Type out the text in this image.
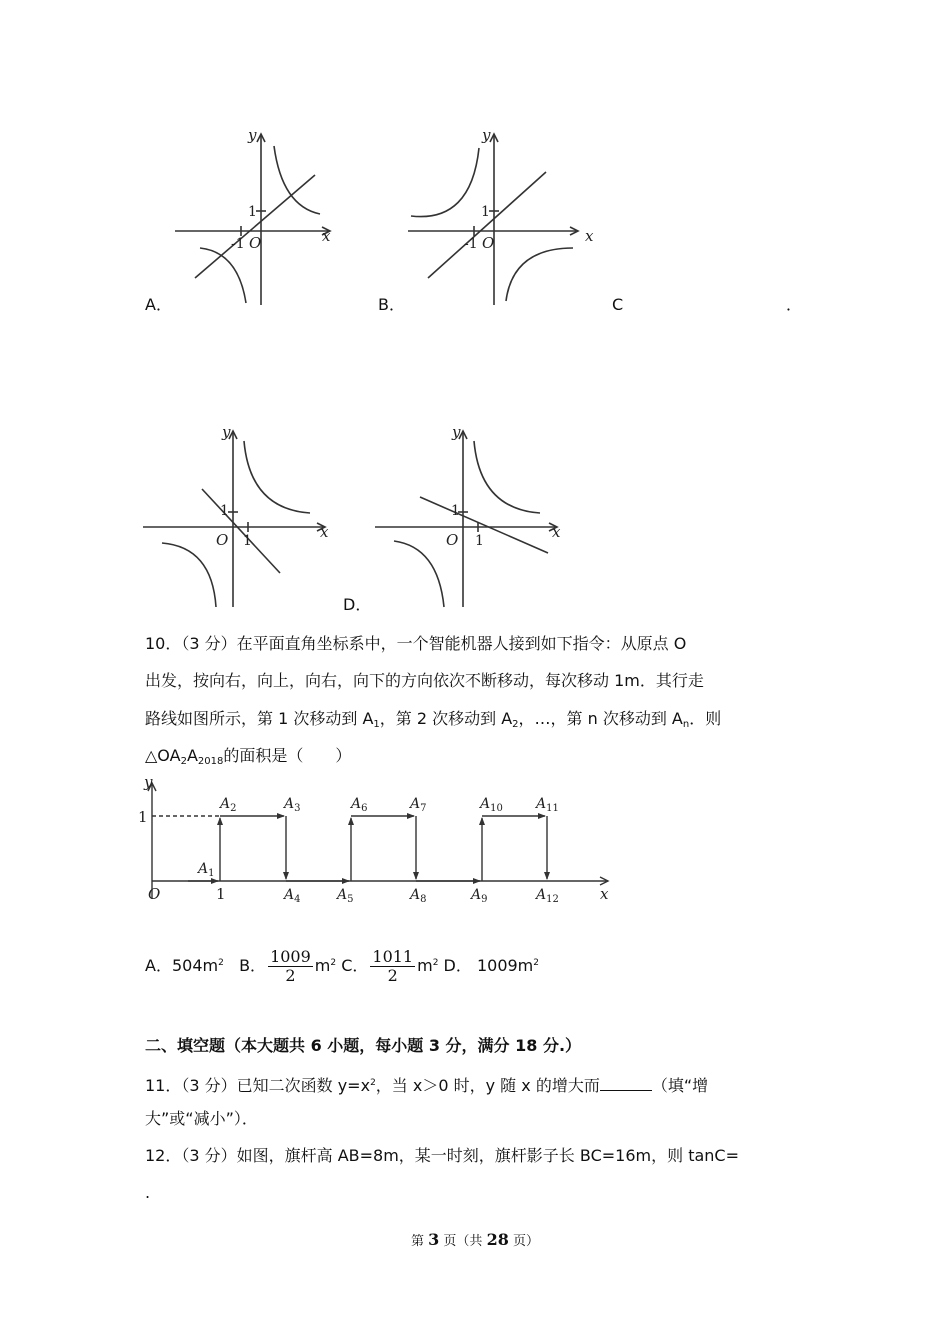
y
x
1
-1 O
y
x
1
-1 O
A．	B．	C	．
y
x
1
1
O
y
x
1
1
O
D．
10．（3 分）在平面直角坐标系中，一个智能机器人接到如下指令：从原点 O
出发，按向右，向上，向右，向下的方向依次不断移动，每次移动 1m．其行走
路线如图所示，第 1 次移动到 $A_1$，第 2 次移动到 $A_2$，…，第 n 次移动到 $A_n$．则
$\triangle OA_2A_{2018}$的面积是（　　）
y
x
O
1
1
$A_1$
$A_2$	$A_3$
$A_4$	$A_5$
$A_6$	$A_7$
$A_8$	$A_9$
$A_{10}$ $A_{11}$
$A_{12}$
A．$504m^2$ B． $\frac{1009}{2} m^2$ C． $\frac{1011}{2} m^2$ D． $1009m^2$
二、填空题（本大题共 6 小题，每小题 3 分，满分 18 分.）
11．（3 分）已知二次函数 $y=x^2$，当 x＞0 时，y 随 x 的增大而	（填“增
大”或“减小”）．
12．（3 分）如图，旗杆高 AB=8m，某一时刻，旗杆影子长 BC=16m，则 tanC=
.
第 3 页（共 28 页）
